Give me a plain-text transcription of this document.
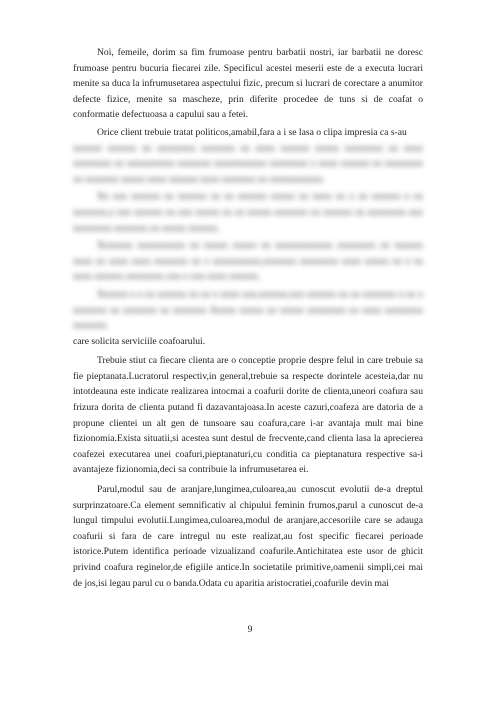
Noi, femeile, dorim sa fim frumoase pentru barbatii nostri, iar barbatii ne doresc frumoase pentru bucuria fiecarei zile. Specificul acestei meserii este de a executa lucrari menite sa duca la infrumusetarea aspectului fizic, precum si lucrari de corectare a anumitor defecte fizice, menite sa mascheze, prin diferite procedee de tuns si de coafat o conformatie defectuoasa a capului sau a fetei.

Orice client trebuie tratat politicos,amabil,fara a i se lasa o clipa impresia ca s-au

​xxxxxx xxxxxx xx xxxxxxxx xxxxxxx xx xxxx xxxxxx xxxxx xxxxxxxx xx xxxx xxxxxxxx xx xxxxxxxxxx xxxxxxx xxxxxxxxxxx xxxxxxxx x xxxx xxxxxx xx xxxxxxxx xx xxxxxxx xxxxx xxxx xxxxxx xxxx xxxxxxx xx xxxxxxxxxxx.

Xx xxx xxxxxx xx xxxxxx xx xx xxxxxx xxxxx xx xxxx xx x xx xxxxxx x xx xxxxxxx,x xxx xxxxxx xx xxx xxxxx xx xx xxxxx xxxxxxx xx xxxxxx xx xxxxxxxx xxx xxxxxxxx xxxxxxx xx xxxxx xxxxxx.

Xxxxxxx xxxxxxxxxx xx xxxxx xxxxx xx xxxxxxxxxxxx xxxxxxxx xx xxxxxx xxxx xx xxxx xxxx xxxxxxx xx x xxxxxxxxxx,xxxxxxx xxxxxxxx xxxx xxxxx xx x xx xxxx xxxxxx xxxxxxxx xxx x xxx xxxx xxxxxx.

Xxxxxx x x xx xxxxxx xx xx x xxxx xxx,xxxxxx,xxx xxxxxx xx xx xxxxxxx x xx x xxxxxxx xx xxxxxxx xx xxxxxxx Xxxxx xxxxx xx xxxxx xxxxxxxx xx xxxx xxxxxxxx xxxxxxx

care solicita serviciile coafoarului.

Trebuie stiut ca fiecare clienta are o conceptie proprie despre felul in care trebuie sa fie pieptanata.Lucratorul respectiv,in general,trebuie sa respecte dorintele acesteia,dar nu intotdeauna este indicate realizarea intocmai a coafurii dorite de clienta,uneori coafura sau frizura dorita de clienta putand fi dazavantajoasa.In aceste cazuri,coafeza are datoria de a propune clientei un alt gen de tunsoare sau coafura,care i-ar avantaja mult mai bine fizionomia.Exista situatii,si acestea sunt destul de frecvente,cand clienta lasa la aprecierea coafezei executarea unei coafuri,pieptanaturi,cu conditia ca pieptanatura respective sa-i avantajeze fizionomia,deci sa contribuie la infrumusetarea ei.

Parul,modul sau de aranjare,lungimea,culoarea,au cunoscut evolutii de-a dreptul surprinzatoare.Ca element semnificativ al chipului feminin frumos,parul a cunoscut de-a lungul timpului evolutii.Lungimea,culoarea,modul de aranjare,accesoriile care se adauga coafurii si fara de care intregul nu este realizat,au fost specific fiecarei perioade istorice.Putem identifica perioade vizualizand coafurile.Antichitatea este usor de ghicit privind coafura reginelor,de efigiile antice.In societatile primitive,oamenii simpli,cei mai de jos,isi legau parul cu o banda.Odata cu aparitia aristocratiei,coafurile devin mai

9
